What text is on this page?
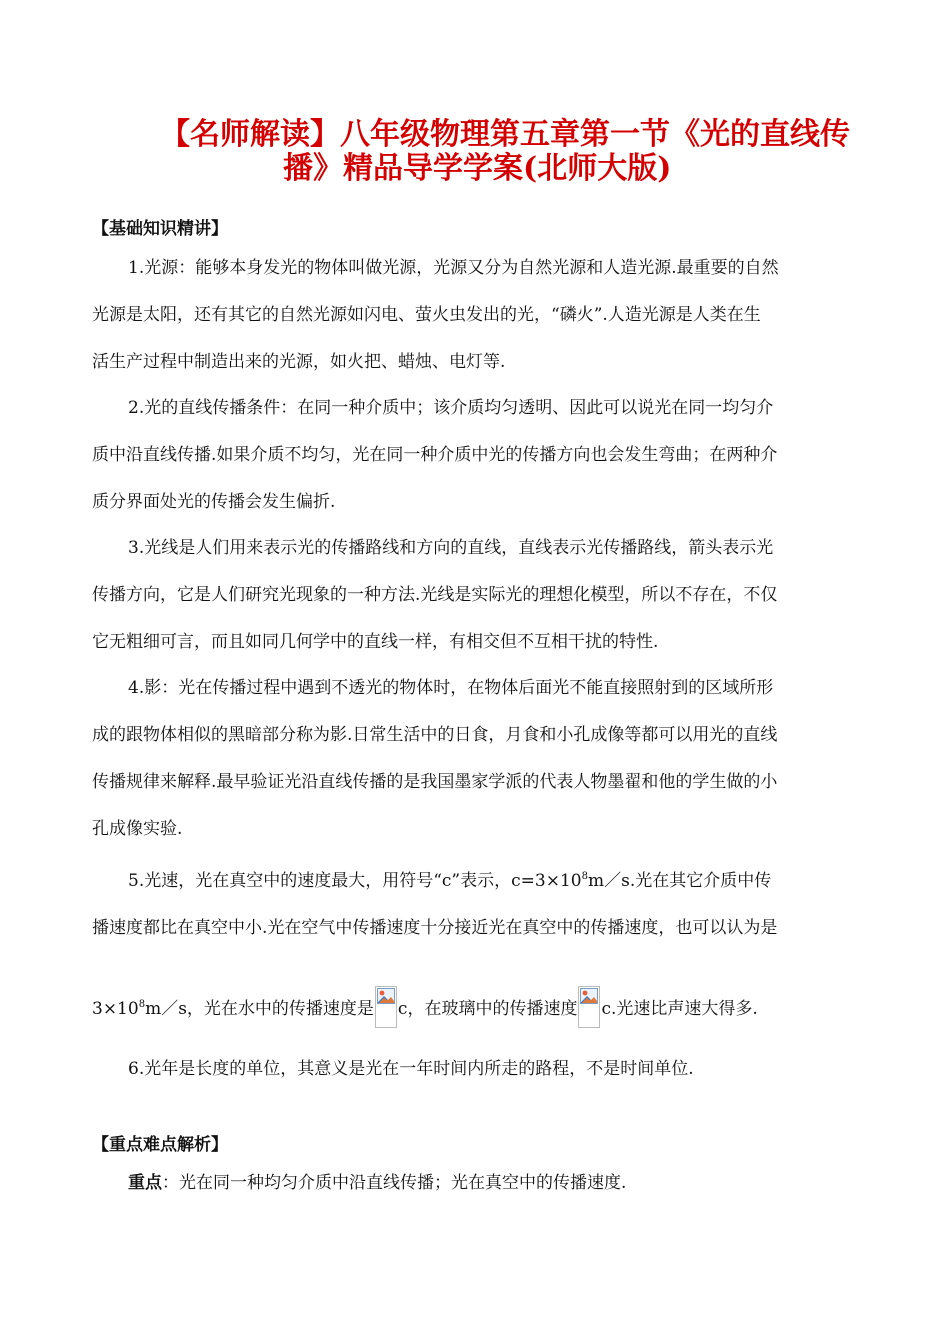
【名师解读】八年级物理第五章第一节《光的直线传
播》精品导学学案(北师大版)

【基础知识精讲】

1.光源：能够本身发光的物体叫做光源，光源又分为自然光源和人造光源.最重要的自然
光源是太阳，还有其它的自然光源如闪电、萤火虫发出的光，“磷火”.人造光源是人类在生
活生产过程中制造出来的光源，如火把、蜡烛、电灯等.
2.光的直线传播条件：在同一种介质中；该介质均匀透明、因此可以说光在同一均匀介
质中沿直线传播.如果介质不均匀，光在同一种介质中光的传播方向也会发生弯曲；在两种介
质分界面处光的传播会发生偏折.
3.光线是人们用来表示光的传播路线和方向的直线，直线表示光传播路线，箭头表示光
传播方向，它是人们研究光现象的一种方法.光线是实际光的理想化模型，所以不存在，不仅
它无粗细可言，而且如同几何学中的直线一样，有相交但不互相干扰的特性.
4.影：光在传播过程中遇到不透光的物体时，在物体后面光不能直接照射到的区域所形
成的跟物体相似的黑暗部分称为影.日常生活中的日食，月食和小孔成像等都可以用光的直线
传播规律来解释.最早验证光沿直线传播的是我国墨家学派的代表人物墨翟和他的学生做的小
孔成像实验.
5.光速，光在真空中的速度最大，用符号“c”表示，$c=3\times 10^8m/s$.光在其它介质中传
播速度都比在真空中小.光在空气中传播速度十分接近光在真空中的传播速度，也可以认为是
$3\times 10^8m/s$，光在水中的传播速度是 c，在玻璃中的传播速度 c.光速比声速大得多.
6.光年是长度的单位，其意义是光在一年时间内所走的路程，不是时间单位.

【重点难点解析】

重点：光在同一种均匀介质中沿直线传播；光在真空中的传播速度.
